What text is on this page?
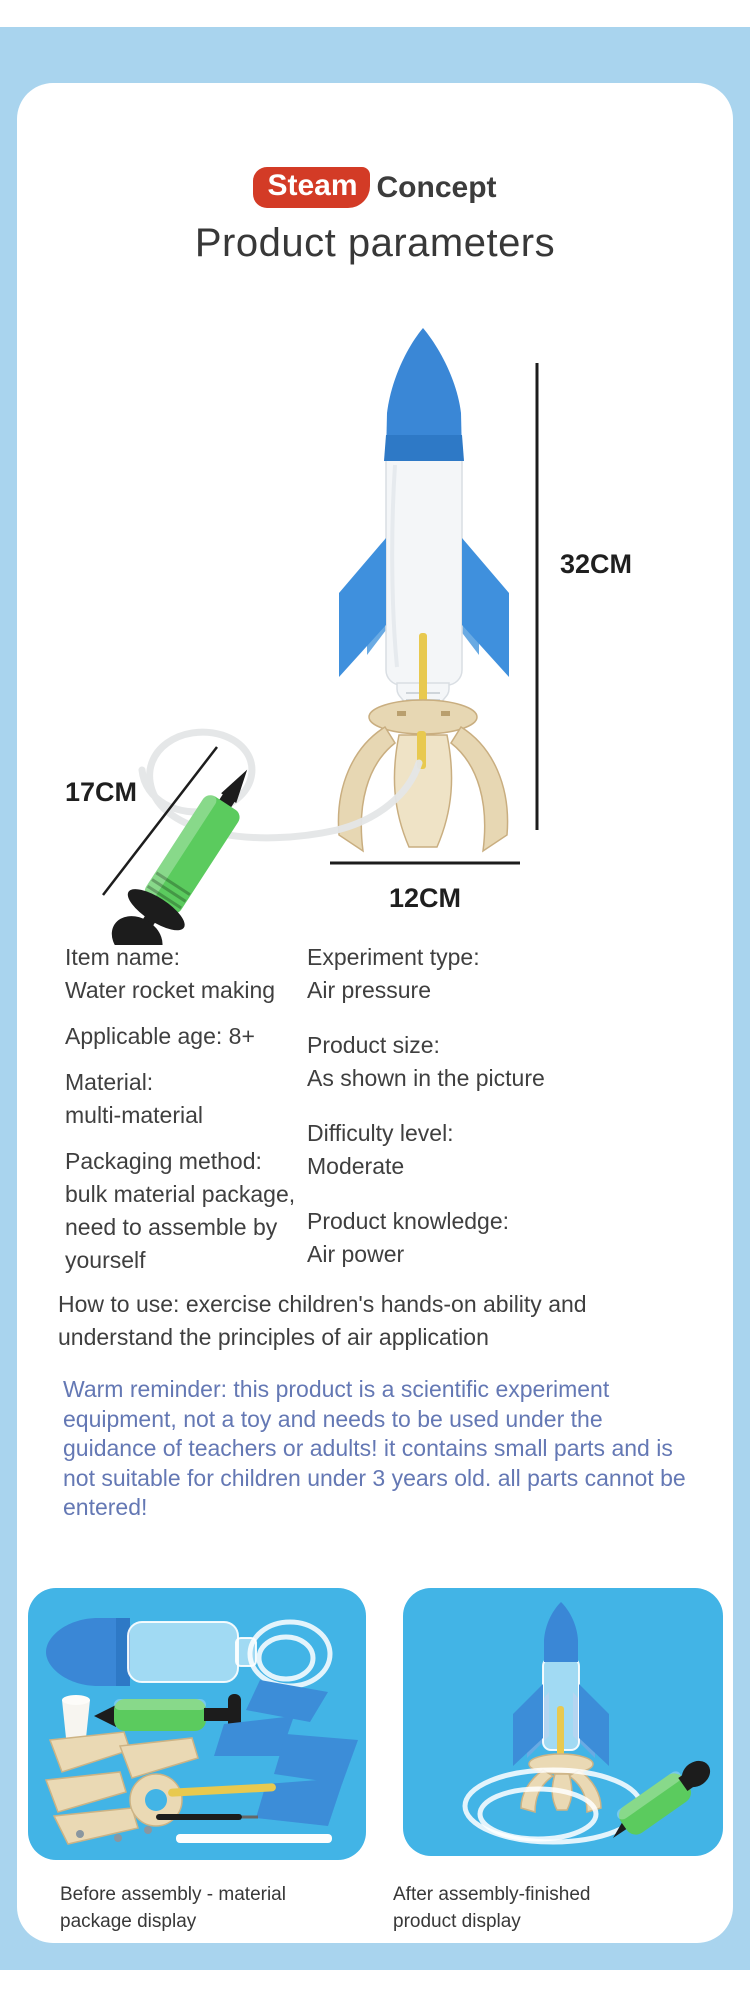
Steam Concept
Product parameters
32CM
17CM
12CM
Item name:
Water rocket making
Applicable age: 8+
Material:
multi-material
Packaging method:
bulk material package, need to assemble by yourself
Experiment type:
Air pressure
Product size:
As shown in the picture
Difficulty level:
Moderate
Product knowledge:
Air power
How to use: exercise children's hands-on ability and understand the principles of air application
Warm reminder: this product is a scientific experiment equipment, not a toy and needs to be used under the guidance of teachers or adults! it contains small parts and is not suitable for children under 3 years old. all parts cannot be entered!
Before assembly - material package display
After assembly-finished product display
